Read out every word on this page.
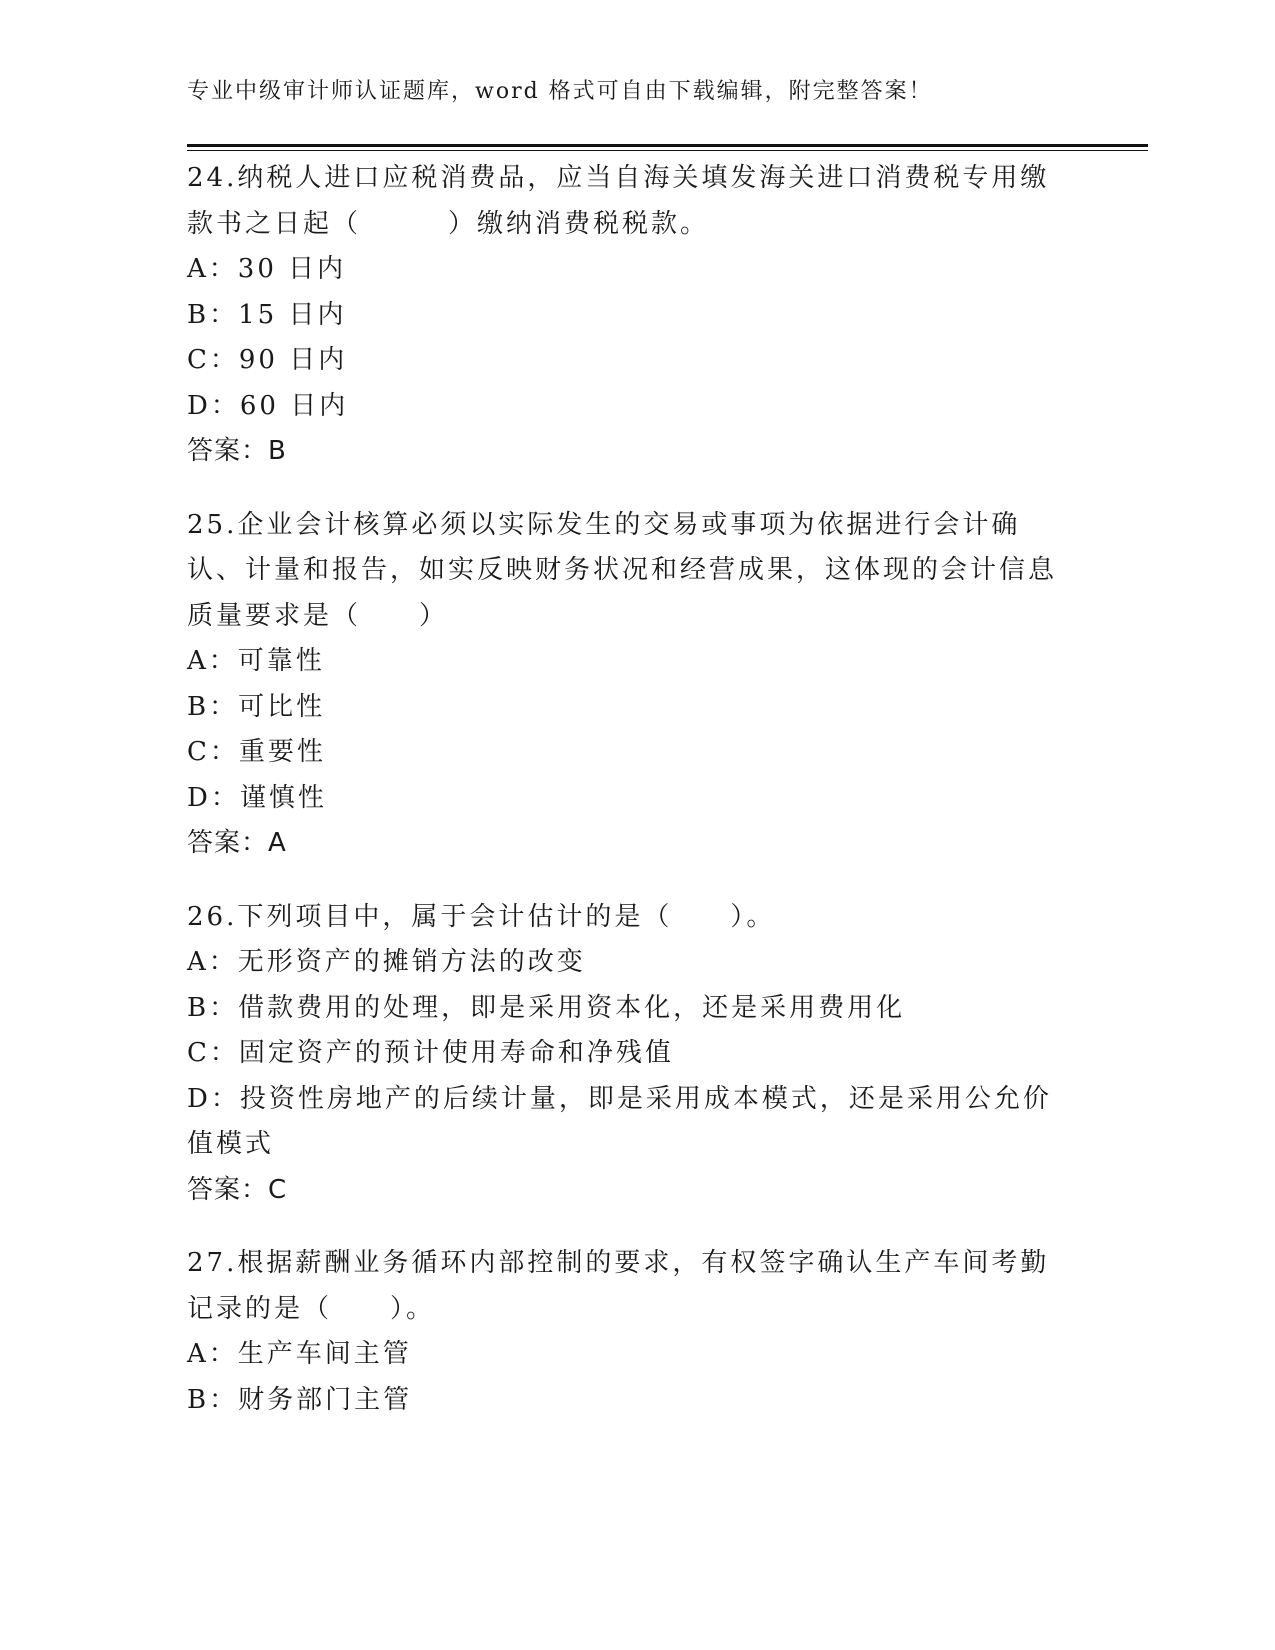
专业中级审计师认证题库，word 格式可自由下载编辑，附完整答案！

24.纳税人进口应税消费品，应当自海关填发海关进口消费税专用缴款书之日起（　　　）缴纳消费税税款。

A：30 日内

B：15 日内

C：90 日内

D：60 日内

答案：B

25.企业会计核算必须以实际发生的交易或事项为依据进行会计确认、计量和报告，如实反映财务状况和经营成果，这体现的会计信息质量要求是（　　）

A：可靠性

B：可比性

C：重要性

D：谨慎性

答案：A

26.下列项目中，属于会计估计的是（　　）。

A：无形资产的摊销方法的改变

B：借款费用的处理，即是采用资本化，还是采用费用化

C：固定资产的预计使用寿命和净残值

D：投资性房地产的后续计量，即是采用成本模式，还是采用公允价值模式

答案：C

27.根据薪酬业务循环内部控制的要求，有权签字确认生产车间考勤记录的是（　　）。

A：生产车间主管

B：财务部门主管
